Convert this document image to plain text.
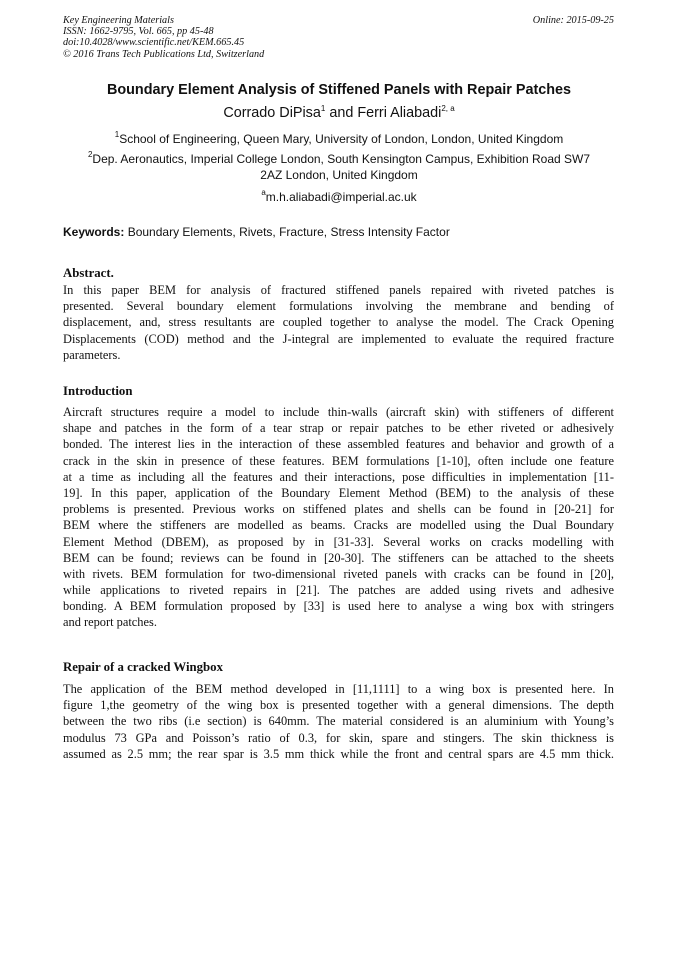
Key Engineering Materials
ISSN: 1662-9795, Vol. 665, pp 45-48
doi:10.4028/www.scientific.net/KEM.665.45
© 2016 Trans Tech Publications Ltd, Switzerland
Online: 2015-09-25
Boundary Element Analysis of Stiffened Panels with Repair Patches
Corrado DiPisa$^1$ and Ferri Aliabadi$^{2, a}$
$^1$School of Engineering, Queen Mary, University of London, London, United Kingdom
$^2$Dep. Aeronautics, Imperial College London, South Kensington Campus, Exhibition Road SW7
2AZ London, United Kingdom
$^a$m.h.aliabadi@imperial.ac.uk
Keywords: Boundary Elements, Rivets, Fracture, Stress Intensity Factor
Abstract.
In this paper BEM for analysis of fractured stiffened panels repaired with riveted patches is
presented. Several boundary element formulations involving the membrane and bending of
displacement, and, stress resultants are coupled together to analyse the model. The Crack Opening
Displacements (COD) method and the J-integral are implemented to evaluate the required fracture
parameters.
Introduction
Aircraft structures require a model to include thin-walls (aircraft skin) with stiffeners of different
shape and patches in the form of a tear strap or repair patches to be ether riveted or adhesively
bonded. The interest lies in the interaction of these assembled features and behavior and growth of a
crack in the skin in presence of these features. BEM formulations [1-10], often include one feature
at a time as including all the features and their interactions, pose difficulties in implementation [11-
19]. In this paper, application of the Boundary Element Method (BEM) to the analysis of these
problems is presented. Previous works on stiffened plates and shells can be found in [20-21] for
BEM where the stiffeners are modelled as beams. Cracks are modelled using the Dual Boundary
Element Method (DBEM), as proposed by in [31-33]. Several works on cracks modelling with
BEM can be found; reviews can be found in [20-30]. The stiffeners can be attached to the sheets
with rivets. BEM formulation for two-dimensional riveted panels with cracks can be found in [20],
while applications to riveted repairs in [21]. The patches are added using rivets and adhesive
bonding. A BEM formulation proposed by [33] is used here to analyse a wing box with stringers
and report patches.
Repair of a cracked Wingbox
The application of the BEM method developed in [11,1111] to a wing box is presented here. In
figure 1,the geometry of the wing box is presented together with a general dimensions. The depth
between the two ribs (i.e section) is 640mm. The material considered is an aluminium with Young’s
modulus 73 GPa and Poisson’s ratio of 0.3, for skin, spare and stingers. The skin thickness is
assumed as 2.5 mm; the rear spar is 3.5 mm thick while the front and central spars are 4.5 mm thick.
